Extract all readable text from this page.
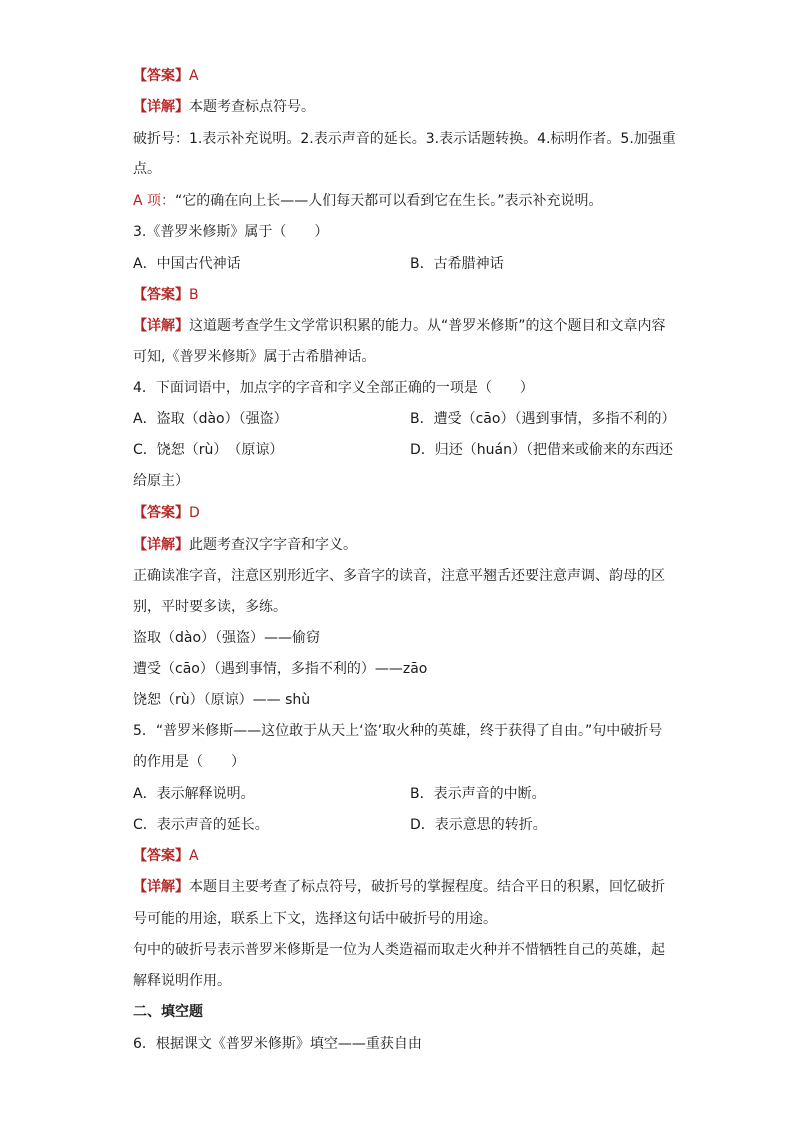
【答案】A
【详解】本题考查标点符号。
破折号：1.表示补充说明。2.表示声音的延长。3.表示话题转换。4.标明作者。5.加强重
点。
A 项：“它的确在向上长——人们每天都可以看到它在生长。”表示补充说明。
3.《普罗米修斯》属于（　　）
A．中国古代神话	B．古希腊神话
【答案】B
【详解】这道题考查学生文学常识积累的能力。从“普罗米修斯”的这个题目和文章内容
可知,《普罗米修斯》属于古希腊神话。
4．下面词语中，加点字的字音和字义全部正确的一项是（　　）
A．盗取（dào）（强盗）	B．遭受（cāo）（遇到事情，多指不利的）
C．饶恕（rù）　（原谅）	D．归还（huán）（把借来或偷来的东西还
给原主）
【答案】D
【详解】此题考查汉字字音和字义。
正确读准字音，注意区别形近字、多音字的读音，注意平翘舌还要注意声调、韵母的区
别，平时要多读，多练。
盗取（dào）（强盗）——偷窃
遭受（cāo）（遇到事情，多指不利的）——zāo
饶恕（rù）（原谅）—— shù
5．“普罗米修斯——这位敢于从天上‘盗’取火种的英雄，终于获得了自由。”句中破折号
的作用是（　　）
A．表示解释说明。	B．表示声音的中断。
C．表示声音的延长。	D．表示意思的转折。
【答案】A
【详解】本题目主要考查了标点符号，破折号的掌握程度。结合平日的积累，回忆破折
号可能的用途，联系上下文，选择这句话中破折号的用途。
句中的破折号表示普罗米修斯是一位为人类造福而取走火种并不惜牺牲自己的英雄，起
解释说明作用。
二、填空题
6．根据课文《普罗米修斯》填空——重获自由
